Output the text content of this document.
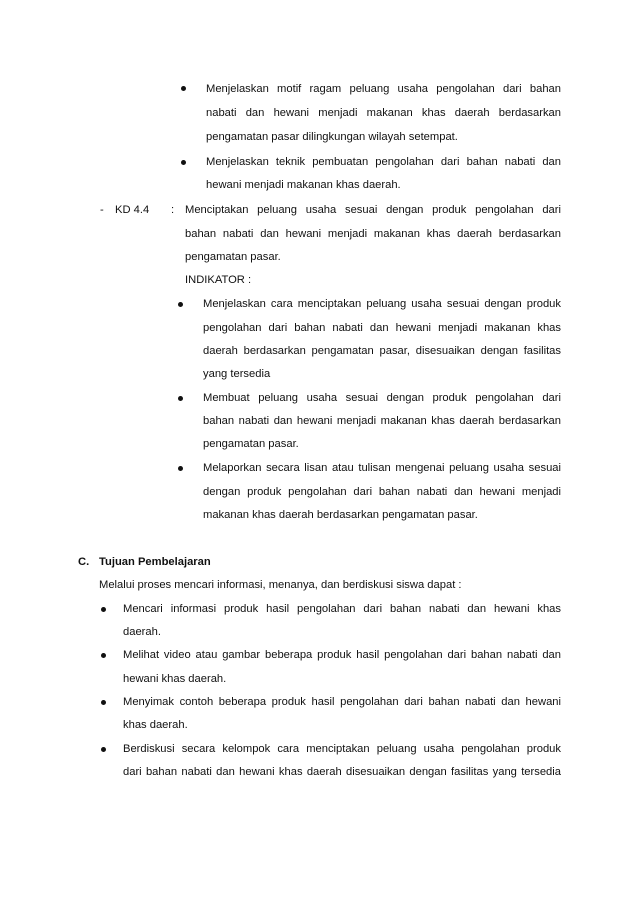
Menjelaskan motif ragam peluang usaha pengolahan dari bahan
nabati dan hewani menjadi makanan khas daerah berdasarkan
pengamatan pasar dilingkungan wilayah setempat.
Menjelaskan teknik pembuatan pengolahan dari bahan nabati dan
hewani menjadi makanan khas daerah.
- KD 4.4 : Menciptakan peluang usaha sesuai dengan produk pengolahan dari
bahan nabati dan hewani menjadi makanan khas daerah berdasarkan
pengamatan pasar.
INDIKATOR :
Menjelaskan cara menciptakan peluang usaha sesuai dengan produk
pengolahan dari bahan nabati dan hewani menjadi makanan khas
daerah berdasarkan pengamatan pasar, disesuaikan dengan fasilitas
yang tersedia
Membuat peluang usaha sesuai dengan produk pengolahan dari
bahan nabati dan hewani menjadi makanan khas daerah berdasarkan
pengamatan pasar.
Melaporkan secara lisan atau tulisan mengenai peluang usaha sesuai
dengan produk pengolahan dari bahan nabati dan hewani menjadi
makanan khas daerah berdasarkan pengamatan pasar.
C. Tujuan Pembelajaran
Melalui proses mencari informasi, menanya, dan berdiskusi siswa dapat :
Mencari informasi produk hasil pengolahan dari bahan nabati dan hewani khas
daerah.
Melihat video atau gambar beberapa produk hasil pengolahan dari bahan nabati dan
hewani khas daerah.
Menyimak contoh beberapa produk hasil pengolahan dari bahan nabati dan hewani
khas daerah.
Berdiskusi secara kelompok cara menciptakan peluang usaha pengolahan produk
dari bahan nabati dan hewani khas daerah disesuaikan dengan fasilitas yang tersedia
